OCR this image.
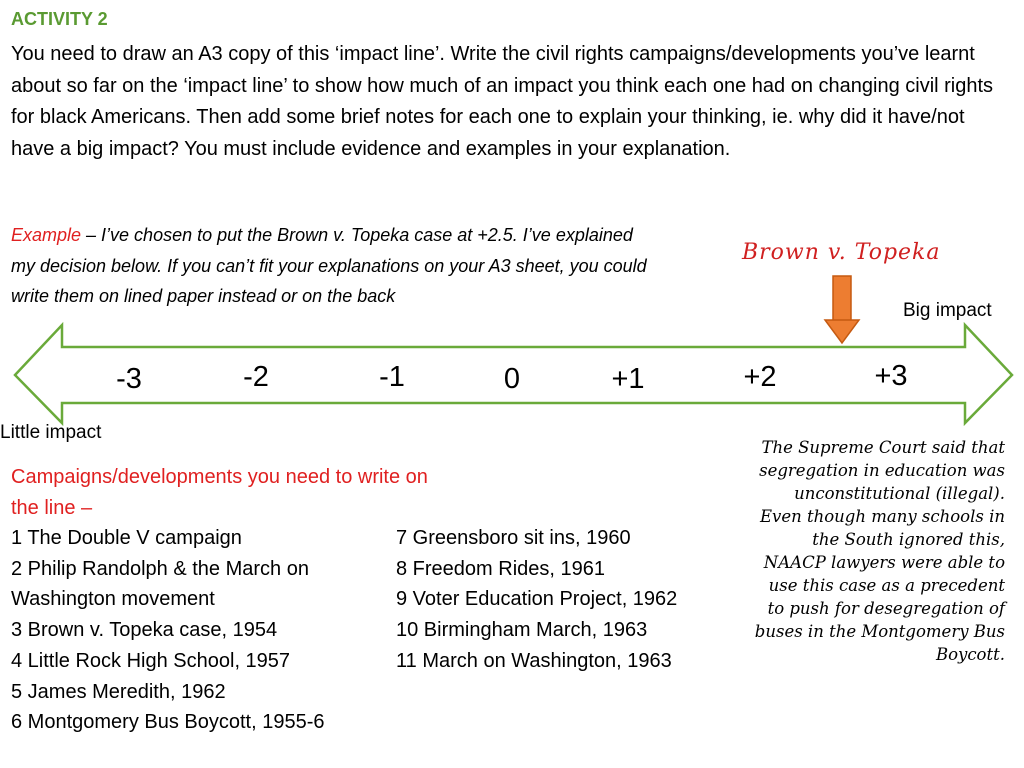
ACTIVITY 2
You need to draw an A3 copy of this ‘impact line’. Write the civil rights campaigns/developments you’ve learnt about so far on the ‘impact line’ to show how much of an impact you think each one had on changing civil rights for black Americans. Then add some brief notes for each one to explain your thinking, ie. why did it have/not have a big impact? You must include evidence and examples in your explanation.
Example – I’ve chosen to put the Brown v. Topeka case at +2.5. I’ve explained my decision below. If you can’t fit your explanations on your A3 sheet, you could write them on lined paper instead or on the back
-3	-2	-1	0	+1	+2	+3
Brown v. Topeka
Big impact
Little impact
The Supreme Court said that segregation in education was unconstitutional (illegal). Even though many schools in the South ignored this, NAACP lawyers were able to use this case as a precedent to push for desegregation of buses in the Montgomery Bus Boycott.
Campaigns/developments you need to write on the line –
1 The Double V campaign
2 Philip Randolph & the March on
Washington movement
3 Brown v. Topeka case, 1954
4 Little Rock High School, 1957
5 James Meredith, 1962
6 Montgomery Bus Boycott, 1955-6
7 Greensboro sit ins, 1960
8 Freedom Rides, 1961
9 Voter Education Project, 1962
10 Birmingham March, 1963
11 March on Washington, 1963
